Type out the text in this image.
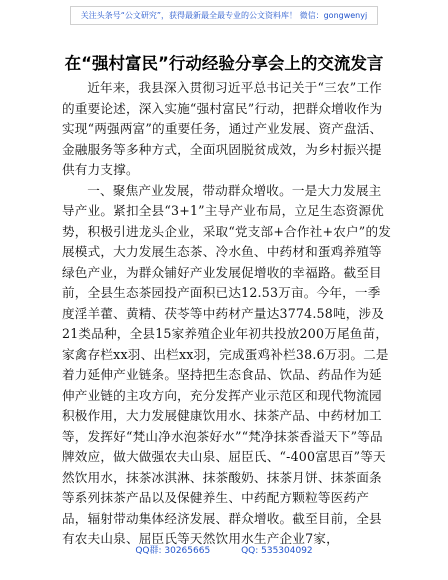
关注头条号“公文研究”，获得最新最全最专业的公文资料库！ 微信：gongwenyj
在“强村富民”行动经验分享会上的交流发言

近年来，我县深入贯彻习近平总书记关于“三农”工作的重要论述，深入实施“强村富民”行动，把群众增收作为实现“两强两富”的重要任务，通过产业发展、资产盘活、金融服务等多种方式，全面巩固脱贫成效，为乡村振兴提供有力支撑。

一、聚焦产业发展，带动群众增收。一是大力发展主导产业。紧扣全县“3+1”主导产业布局，立足生态资源优势，积极引进龙头企业，采取“党支部+合作社+农户”的发展模式，大力发展生态茶、冷水鱼、中药材和蛋鸡养殖等绿色产业，为群众铺好产业发展促增收的幸福路。截至目前，全县生态茶园投产面积已达12.53万亩。今年，一季度淫羊藿、黄精、茯苓等中药材产量达3774.58吨，涉及21类品种，全县15家养殖企业年初共投放200万尾鱼苗，家禽存栏xx羽、出栏xx羽，完成蛋鸡补栏38.6万羽。二是着力延伸产业链条。坚持把生态食品、饮品、药品作为延伸产业链的主攻方向，充分发挥产业示范区和现代物流园积极作用，大力发展健康饮用水、抹茶产品、中药材加工等，发挥好“梵山净水泡茶好水”“梵净抹茶香溢天下”等品牌效应，做大做强农夫山泉、屈臣氏、“-400富思百”等天然饮用水，抹茶冰淇淋、抹茶酸奶、抹茶月饼、抹茶面条等系列抹茶产品以及保健养生、中药配方颗粒等医药产品，辐射带动集体经济发展、群众增收。截至目前，全县有农夫山泉、屈臣氏等天然饮用水生产企业7家，

QQ群: 30265665	QQ: 535304092
